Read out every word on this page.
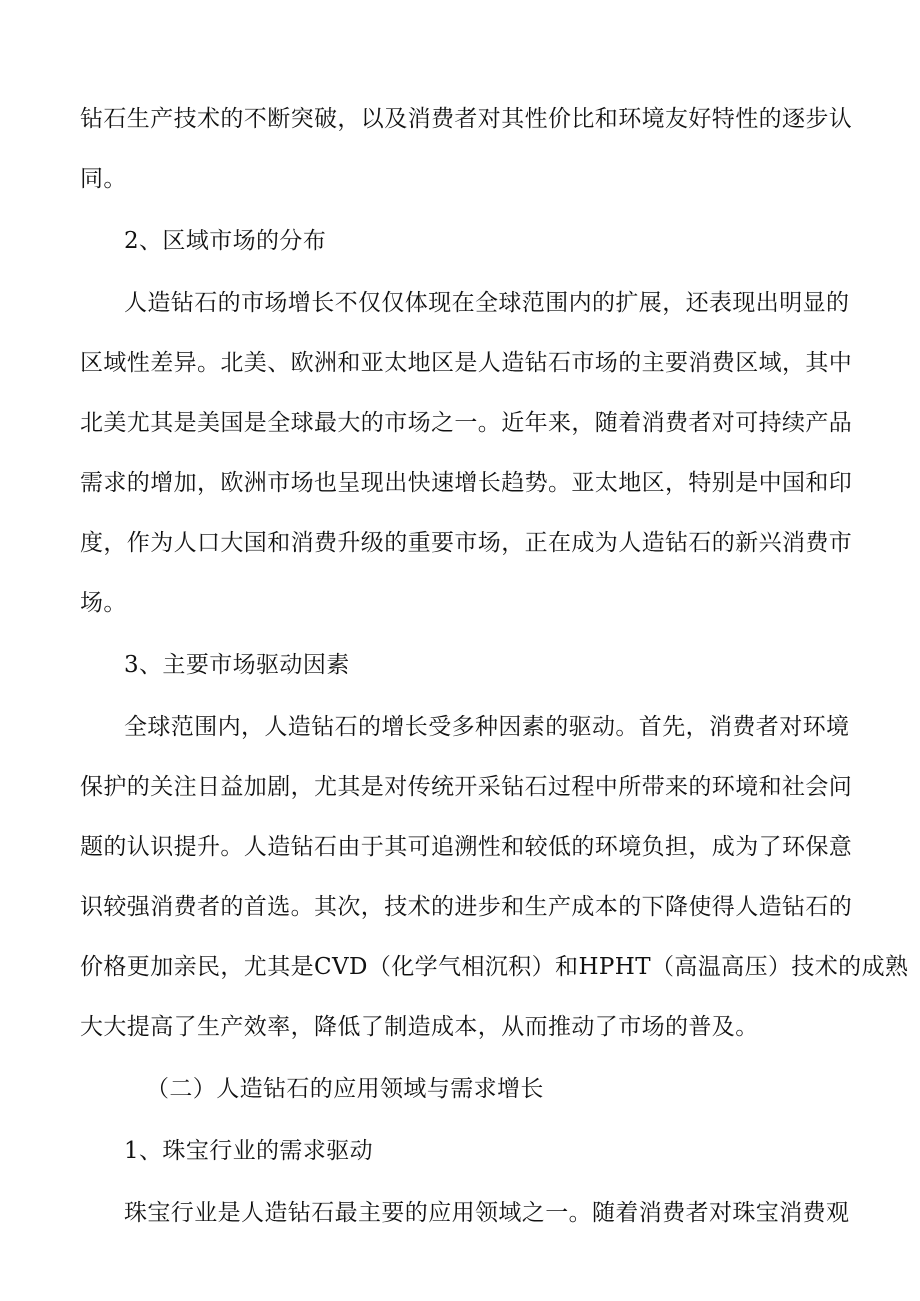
钻石生产技术的不断突破，以及消费者对其性价比和环境友好特性的逐步认
同。
2、区域市场的分布
人造钻石的市场增长不仅仅体现在全球范围内的扩展，还表现出明显的
区域性差异。北美、欧洲和亚太地区是人造钻石市场的主要消费区域，其中
北美尤其是美国是全球最大的市场之一。近年来，随着消费者对可持续产品
需求的增加，欧洲市场也呈现出快速增长趋势。亚太地区，特别是中国和印
度，作为人口大国和消费升级的重要市场，正在成为人造钻石的新兴消费市
场。
3、主要市场驱动因素
全球范围内，人造钻石的增长受多种因素的驱动。首先，消费者对环境
保护的关注日益加剧，尤其是对传统开采钻石过程中所带来的环境和社会问
题的认识提升。人造钻石由于其可追溯性和较低的环境负担，成为了环保意
识较强消费者的首选。其次，技术的进步和生产成本的下降使得人造钻石的
价格更加亲民，尤其是CVD（化学气相沉积）和HPHT（高温高压）技术的成熟
大大提高了生产效率，降低了制造成本，从而推动了市场的普及。
（二）人造钻石的应用领域与需求增长
1、珠宝行业的需求驱动
珠宝行业是人造钻石最主要的应用领域之一。随着消费者对珠宝消费观
